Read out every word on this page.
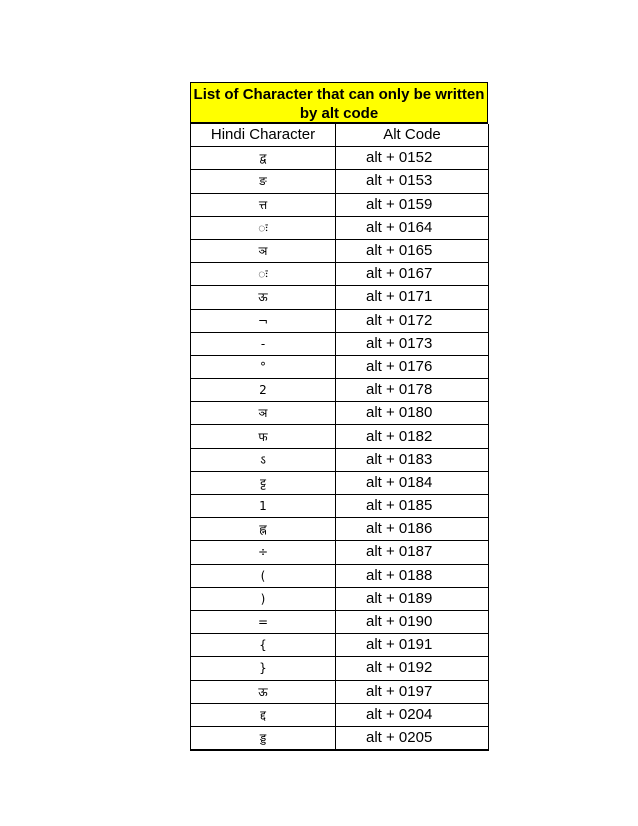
List of Character that can only be written by alt code
Hindi Character	Alt Code
द्व	alt + 0152
ङ	alt + 0153
त्त	alt + 0159
ः	alt + 0164
ञ	alt + 0165
ः	alt + 0167
ऊ	alt + 0171
¬	alt + 0172
-	alt + 0173
°	alt + 0176
2	alt + 0178
ञ	alt + 0180
फ	alt + 0182
ऽ	alt + 0183
ट्ट	alt + 0184
1	alt + 0185
ह्न	alt + 0186
÷	alt + 0187
(	alt + 0188
)	alt + 0189
=	alt + 0190
{	alt + 0191
}	alt + 0192
ऊ	alt + 0197
द्द	alt + 0204
ड्ड	alt + 0205
